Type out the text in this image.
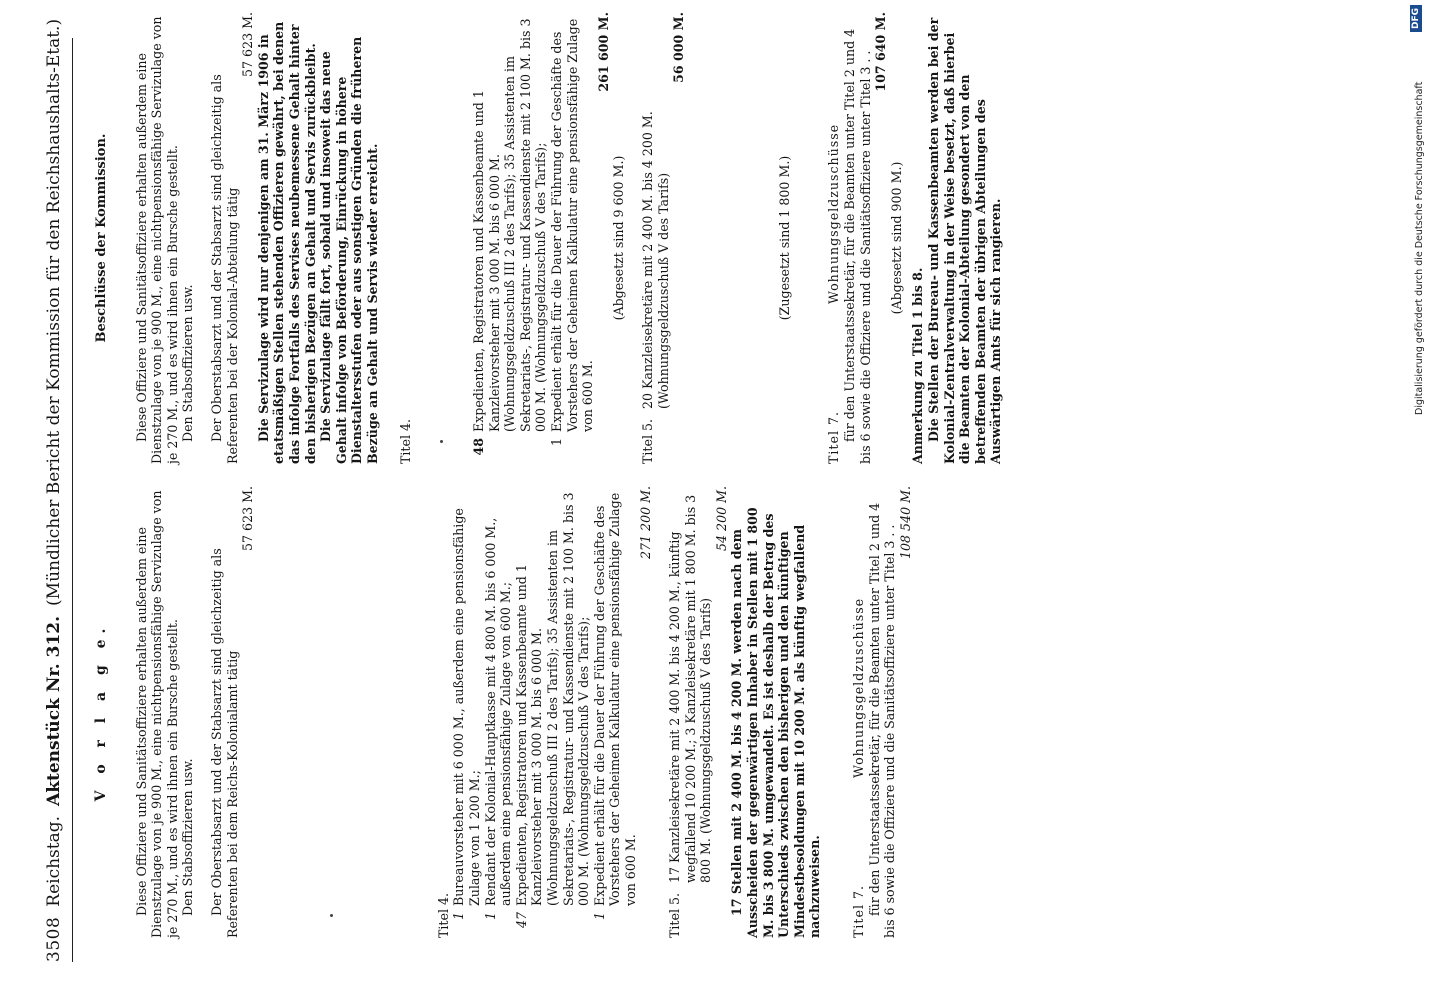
3508
Reichstag.
Aktenstück Nr. 312.
(Mündlicher Bericht der Kommission für den Reichshaushalts-Etat.)
V o r l a g e. Diese Offiziere und Sanitätsoffiziere erhalten außerdem eine Dienstzulage von je 900 M., eine nichtpensionsfähige Servizulage von je 270 M., und es wird ihnen ein Bursche gestellt. Den Stabsoffizieren usw. Der Oberstabsarzt und der Stabsarzt sind gleichzeitig als Referenten bei dem Reichs-Kolonialamt tätig

57 623 M.

Titel 4. 1
Bureauvorsteher mit 6 000 M., außerdem eine pensionsfähige Zulage von 1 200 M.;
1
Rendant der Kolonial-Hauptkasse mit 4 800 M. bis 6 000 M., außerdem eine pensionsfähige Zulage von 600 M.;
47
Expedienten, Registratoren und Kassenbeamte und 1 Kanzleivorsteher mit 3 000 M. bis 6 000 M. (Wohnungsgeldzuschuß III 2 des Tarifs); 35 Assistenten im Sekretariats-, Registratur- und Kassendienste mit 2 100 M. bis 3 000 M. (Wohnungsgeldzuschuß V des Tarifs);
1
Expedient erhält für die Dauer der Führung der Geschäfte des Vorstehers der Geheimen Kalkulatur eine pensionsfähige Zulage von 600 M.

271 200 M.

Titel 5.
17 Kanzleisekretäre mit 2 400 M. bis 4 200 M., künftig wegfallend 10 200 M.; 3 Kanzleisekretäre mit 1 800 M. bis 3 800 M. (Wohnungsgeldzuschuß V des Tarifs)

54 200 M.

17 Stellen mit 2 400 M. bis 4 200 M. werden nach dem Ausscheiden der gegenwärtigen Inhaber in Stellen mit 1 800 M. bis 3 800 M. umgewandelt. Es ist deshalb der Betrag des Unterschieds zwischen den bisherigen und den künftigen Mindestbesoldungen mit 10 200 M. als künftig wegfallend nachzuweisen. Titel 7.
Wohnungsgeldzuschüsse für den Unterstaatssekretär, für die Beamten unter Titel 2 und 4 bis 6 sowie die Offiziere und die Sanitätsoffiziere unter Titel 3 . .

108 540 M.

Beschlüsse der Kommission. Diese Offiziere und Sanitätsoffiziere erhalten außerdem eine Dienstzulage von je 900 M., eine nichtpensionsfähige Servizulage von je 270 M., und es wird ihnen ein Bursche gestellt. Den Stabsoffizieren usw. Der Oberstabsarzt und der Stabsarzt sind gleichzeitig als Referenten bei der Kolonial-Abteilung tätig

57 623 M. Die Servizulage wird nur denjenigen am 31. März 1906 in etatsmäßigen Stellen stehenden Offizieren gewährt, bei denen das infolge Fortfalls des Servises neubemessene Gehalt hinter den bisherigen Bezügen an Gehalt und Servis zurückbleibt. Die Servizulage fällt fort, sobald und insoweit das neue Gehalt infolge von Beförderung, Einrückung in höhere Dienstaltersstufen oder aus sonstigen Gründen die früheren Bezüge an Gehalt und Servis wieder erreicht. Titel 4.	48
Expedienten, Registratoren und Kassenbeamte und 1 Kanzleivorsteher mit 3 000 M. bis 6 000 M. (Wohnungsgeldzuschuß III 2 des Tarifs); 35 Assistenten im Sekretariats-, Registratur- und Kassendienste mit 2 100 M. bis 3 000 M. (Wohnungsgeldzuschuß V des Tarifs);
1
Expedient erhält für die Dauer der Führung der Geschäfte des Vorstehers der Geheimen Kalkulatur eine pensionsfähige Zulage von 600 M.

261 600 M.

(Abgesetzt sind 9 600 M.)

Titel 5.
20 Kanzleisekretäre mit 2 400 M. bis 4 200 M. (Wohnungsgeldzuschuß V des Tarifs)

56 000 M.

(Zugesetzt sind 1 800 M.)

Titel 7.
Wohnungsgeldzuschüsse für den Unterstaatssekretär, für die Beamten unter Titel 2 und 4 bis 6 sowie die Offiziere und die Sanitätsoffiziere unter Titel 3 . . 107 640 M.

(Abgesetzt sind 900 M.)

Anmerkung zu Titel 1 bis 8. Die Stellen der Bureau- und Kassenbeamten werden bei der Kolonial-Zentralverwaltung in der Weise besetzt, daß hierbei die Beamten der Kolonial-Abteilung gesondert von den betreffenden Beamten der übrigen Abteilungen des Auswärtigen Amts für sich rangieren.	Digitalisierung gefördert durch die Deutsche Forschungsgemeinschaft
DFG
